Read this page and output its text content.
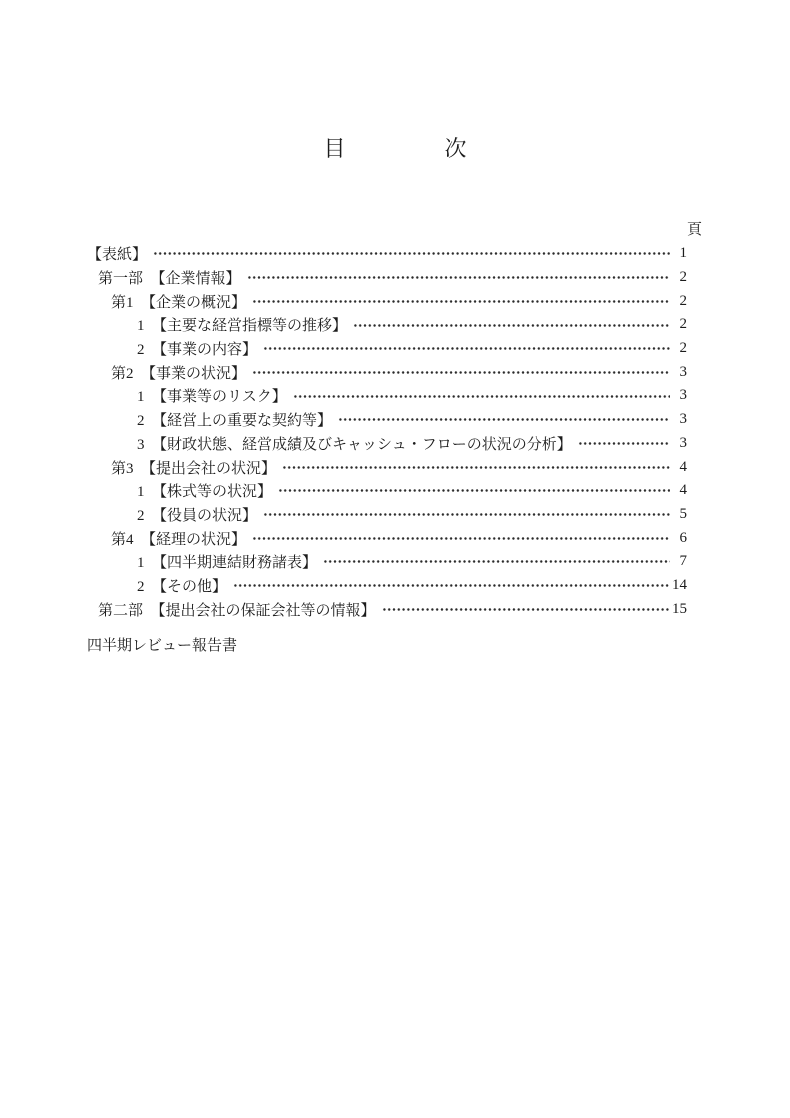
目	次
頁
【表紙】	1
第一部  【企業情報】	2
第1　【企業の概況】	2
1　【主要な経営指標等の推移】	2
2　【事業の内容】	2
第2　【事業の状況】	3
1　【事業等のリスク】	3
2　【経営上の重要な契約等】	3
3　【財政状態、経営成績及びキャッシュ・フローの状況の分析】	3
第3　【提出会社の状況】	4
1　【株式等の状況】	4
2　【役員の状況】	5
第4　【経理の状況】	6
1　【四半期連結財務諸表】	7
2　【その他】	14
第二部  【提出会社の保証会社等の情報】	15
四半期レビュー報告書
